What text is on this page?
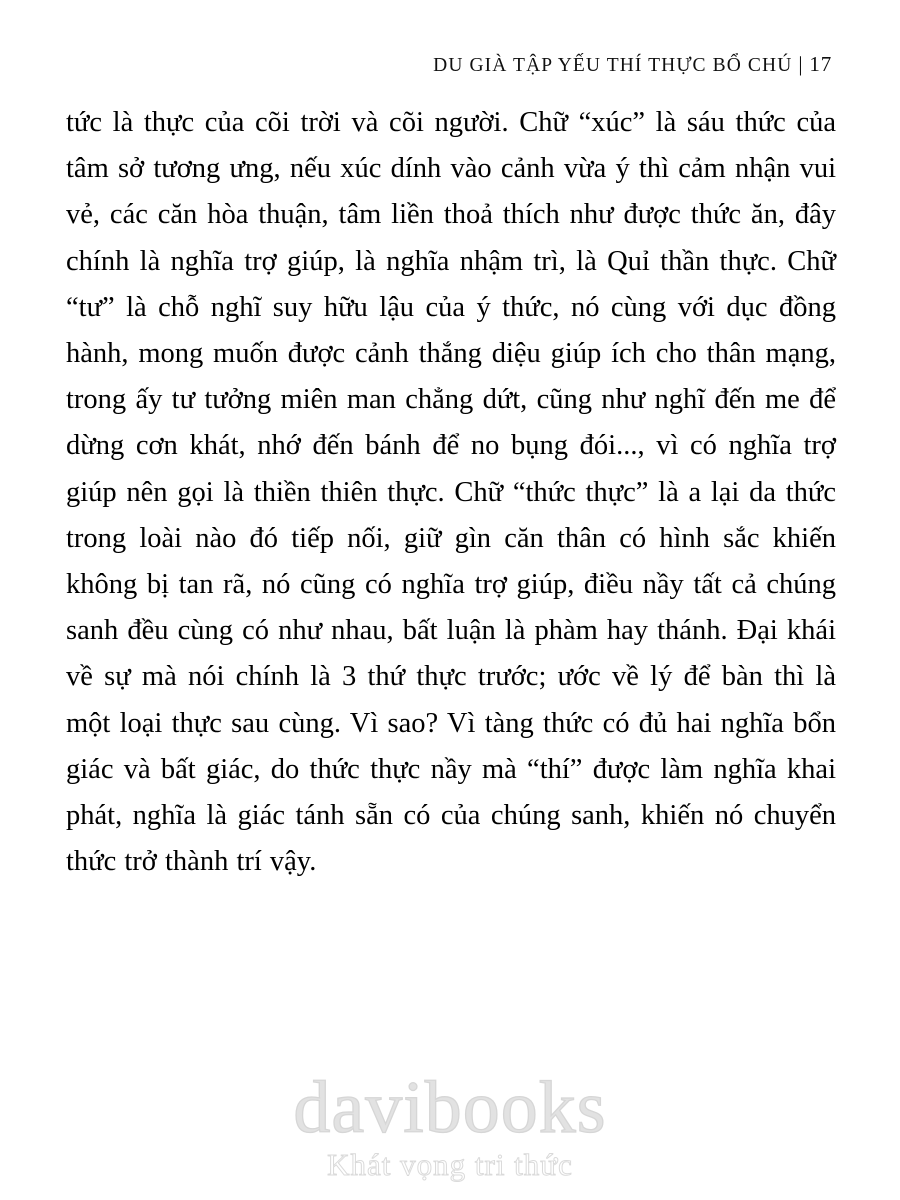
DU GIÀ TẬP YẾU THÍ THỰC BỔ CHÚ | 17

tức là thực của cõi trời và cõi người. Chữ “xúc” là sáu thức của tâm sở tương ưng, nếu xúc dính vào cảnh vừa ý thì cảm nhận vui vẻ, các căn hòa thuận, tâm liền thoả thích như được thức ăn, đây chính là nghĩa trợ giúp, là nghĩa nhậm trì, là Quỉ thần thực. Chữ “tư” là chỗ nghĩ suy hữu lậu của ý thức, nó cùng với dục đồng hành, mong muốn được cảnh thắng diệu giúp ích cho thân mạng, trong ấy tư tưởng miên man chẳng dứt, cũng như nghĩ đến me để dừng cơn khát, nhớ đến bánh để no bụng đói..., vì có nghĩa trợ giúp nên gọi là thiền thiên thực. Chữ “thức thực” là a lại da thức trong loài nào đó tiếp nối, giữ gìn căn thân có hình sắc khiến không bị tan rã, nó cũng có nghĩa trợ giúp, điều nầy tất cả chúng sanh đều cùng có như nhau, bất luận là phàm hay thánh. Đại khái về sự mà nói chính là 3 thứ thực trước; ước về lý để bàn thì là một loại thực sau cùng. Vì sao? Vì tàng thức có đủ hai nghĩa bổn giác và bất giác, do thức thực nầy mà “thí” được làm nghĩa khai phát, nghĩa là giác tánh sẵn có của chúng sanh, khiến nó chuyển thức trở thành trí vậy.

davibooks
Khát vọng tri thức
